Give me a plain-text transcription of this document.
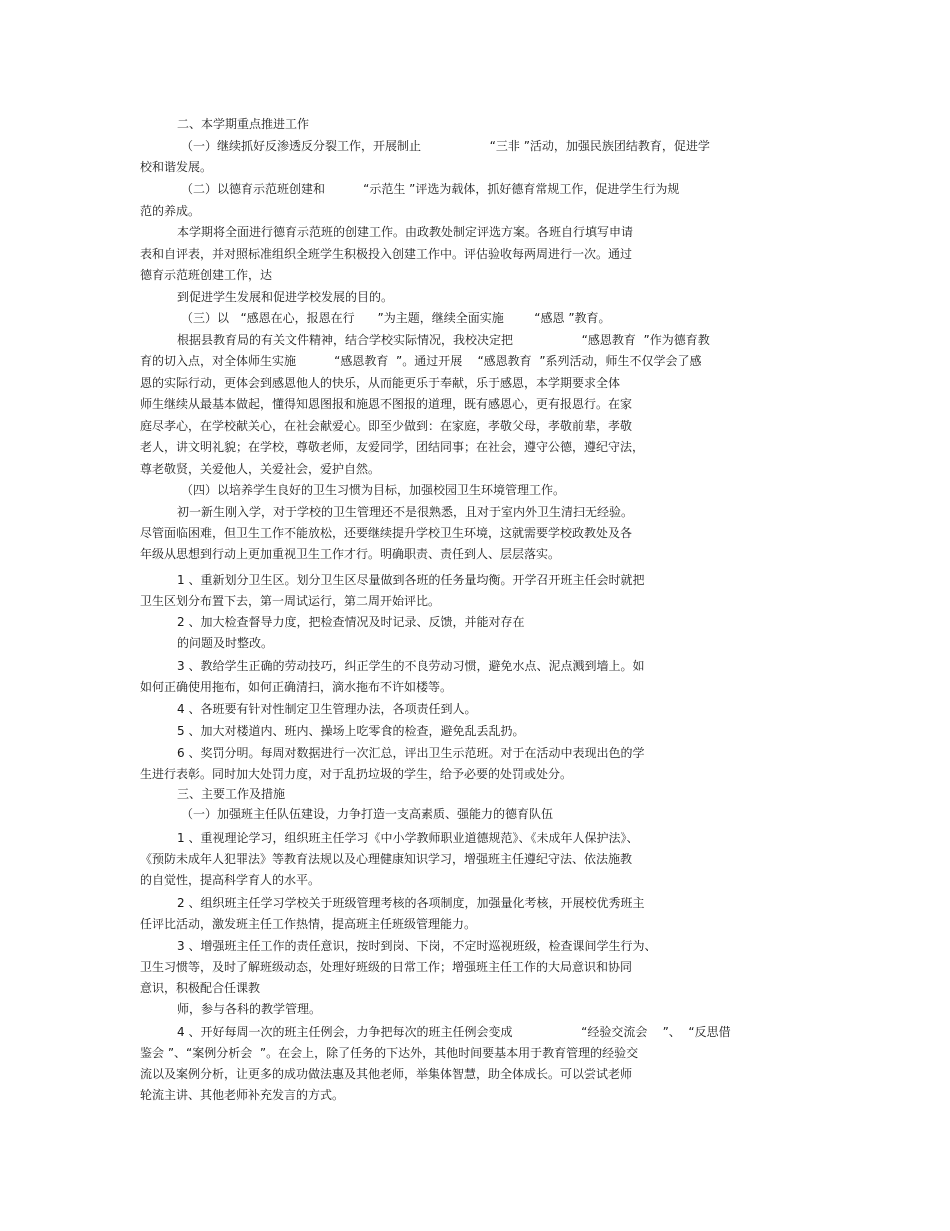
二、本学期重点推进工作
（一）继续抓好反渗透反分裂工作，开展制止                  “三非 ”活动，加强民族团结教育，促进学
校和谐发展。
（二）以德育示范班创建和          “示范生 ”评选为载体，抓好德育常规工作，促进学生行为规
范的养成。
本学期将全面进行德育示范班的创建工作。由政教处制定评选方案。各班自行填写申请
表和自评表，并对照标准组织全班学生积极投入创建工作中。评估验收每两周进行一次。通过
德育示范班创建工作，达
到促进学生发展和促进学校发展的目的。
（三）以   “感恩在心，报恩在行      ”为主题，继续全面实施        “感恩 ”教育。
根据县教育局的有关文件精神，结合学校实际情况，我校决定把                  “感恩教育  ”作为德育教
育的切入点，对全体师生实施          “感恩教育  ”。通过开展    “感恩教育  ”系列活动，师生不仅学会了感
恩的实际行动，更体会到感恩他人的快乐，从而能更乐于奉献，乐于感恩，本学期要求全体
师生继续从最基本做起，懂得知恩图报和施恩不图报的道理，既有感恩心，更有报恩行。在家
庭尽孝心，在学校献关心，在社会献爱心。即至少做到：在家庭，孝敬父母，孝敬前辈，孝敬
老人，讲文明礼貌；在学校，尊敬老师，友爱同学，团结同事；在社会，遵守公德，遵纪守法，
尊老敬贤，关爱他人，关爱社会，爱护自然。
（四）以培养学生良好的卫生习惯为目标，加强校园卫生环境管理工作。
初一新生刚入学，对于学校的卫生管理还不是很熟悉，且对于室内外卫生清扫无经验。
尽管面临困难，但卫生工作不能放松，还要继续提升学校卫生环境，这就需要学校政教处及各
年级从思想到行动上更加重视卫生工作才行。明确职责、责任到人、层层落实。
1 、重新划分卫生区。划分卫生区尽量做到各班的任务量均衡。开学召开班主任会时就把
卫生区划分布置下去，第一周试运行，第二周开始评比。
2 、加大检查督导力度，把检查情况及时记录、反馈，并能对存在
的问题及时整改。
3 、教给学生正确的劳动技巧，纠正学生的不良劳动习惯，避免水点、泥点溅到墙上。如
如何正确使用拖布，如何正确清扫，滴水拖布不许如楼等。
4 、各班要有针对性制定卫生管理办法，各项责任到人。
5 、加大对楼道内、班内、操场上吃零食的检查，避免乱丢乱扔。
6 、奖罚分明。每周对数据进行一次汇总，评出卫生示范班。对于在活动中表现出色的学
生进行表彰。同时加大处罚力度，对于乱扔垃圾的学生，给予必要的处罚或处分。
三、主要工作及措施
（一）加强班主任队伍建设，力争打造一支高素质、强能力的德育队伍
1 、重视理论学习，组织班主任学习《中小学教师职业道德规范》、《未成年人保护法》、
《预防未成年人犯罪法》等教育法规以及心理健康知识学习，增强班主任遵纪守法、依法施教
的自觉性，提高科学育人的水平。
2 、组织班主任学习学校关于班级管理考核的各项制度，加强量化考核，开展校优秀班主
任评比活动，激发班主任工作热情，提高班主任班级管理能力。
3 、增强班主任工作的责任意识，按时到岗、下岗，不定时巡视班级，检查课间学生行为、
卫生习惯等，及时了解班级动态，处理好班级的日常工作；增强班主任工作的大局意识和协同
意识，积极配合任课教
师，参与各科的教学管理。
4 、开好每周一次的班主任例会，力争把每次的班主任例会变成                  “经验交流会    ”、  “反思借
鉴会 ”、“案例分析会  ”。在会上，除了任务的下达外，其他时间要基本用于教育管理的经验交
流以及案例分析，让更多的成功做法惠及其他老师，举集体智慧，助全体成长。可以尝试老师
轮流主讲、其他老师补充发言的方式。
